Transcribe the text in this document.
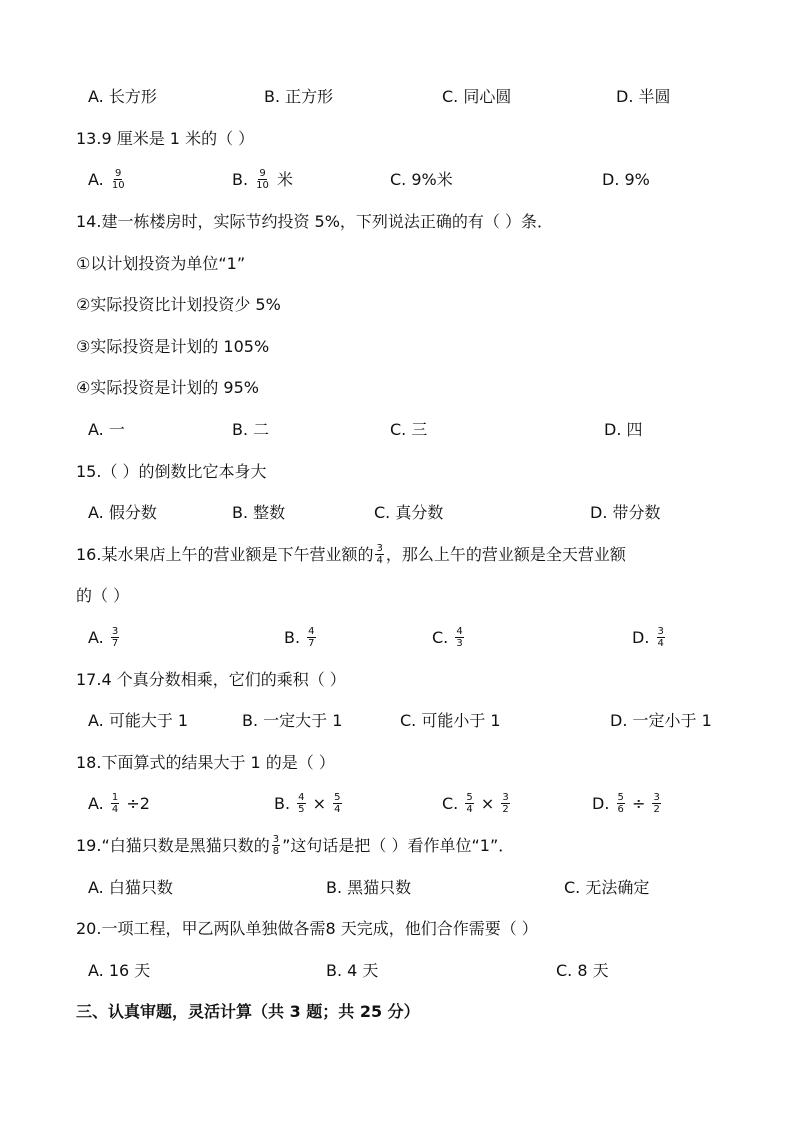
A. 长方形	B. 正方形	C. 同心圆	D. 半圆
13.9 厘米是 1 米的（ ）
A. $\frac{9}{10}$	B. $\frac{9}{10}$ 米	C. 9%米	D. 9%
14.建一栋楼房时，实际节约投资 5%，下列说法正确的有（ ）条．
①以计划投资为单位“1”
②实际投资比计划投资少 5%
③实际投资是计划的 105%
④实际投资是计划的 95%
A. 一	B. 二	C. 三	D. 四
15.（ ）的倒数比它本身大
A. 假分数	B. 整数	C. 真分数	D. 带分数
16.某水果店上午的营业额是下午营业额的 $\frac{3}{4}$ ，那么上午的营业额是全天营业额
的（ ）
A. $\frac{3}{7}$	B. $\frac{4}{7}$	C. $\frac{4}{3}$	D. $\frac{3}{4}$
17.4 个真分数相乘，它们的乘积（ ）
A. 可能大于 1	B. 一定大于 1	C. 可能小于 1	D. 一定小于 1
18.下面算式的结果大于 1 的是（ ）
A. $\frac{1}{4} \div 2$	B. $\frac{4}{5} \times \frac{5}{4}$	C. $\frac{5}{4} \times \frac{3}{2}$	D. $\frac{5}{6} \div \frac{3}{2}$
19.“白猫只数是黑猫只数的 $\frac{3}{8}$ ”这句话是把（ ）看作单位“1”．
A. 白猫只数	B. 黑猫只数	C. 无法确定
20.一项工程，甲乙两队单独做各需8 天完成，他们合作需要（ ）
A. 16 天	B. 4 天	C. 8 天
三、认真审题，灵活计算（共 3 题；共 25 分）
